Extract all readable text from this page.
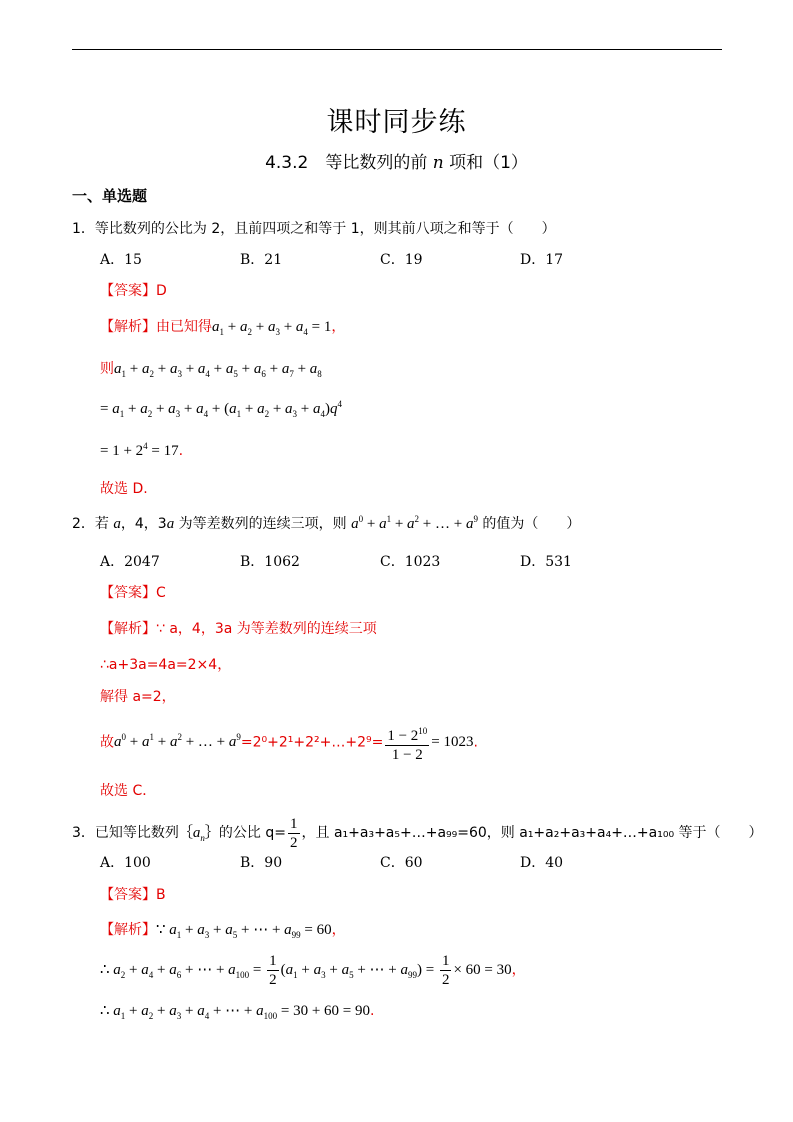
课时同步练
4.3.2　等比数列的前 n 项和（1）
一、单选题
1．等比数列的公比为 2，且前四项之和等于 1，则其前八项之和等于（　　）
A．15	B．21	C．19	D．17
【答案】D
【解析】由已知得$a_1 + a_2 + a_3 + a_4 = 1$，
则$a_1 + a_2 + a_3 + a_4 + a_5 + a_6 + a_7 + a_8$
= $a_1 + a_2 + a_3 + a_4 + (a_1 + a_2 + a_3 + a_4)q^4$
= $1 + 2^4 = 17$.
故选 D.
2．若 a，4，3a 为等差数列的连续三项，则 $a^0 + a^1 + a^2$ + … + $a^9$ 的值为（　　）
A．2047	B．1062	C．1023	D．531
【答案】C
【解析】∵ a，4，3a 为等差数列的连续三项
∴a+3a=4a=2×4，
解得 a=2，
故$a^0 + a^1 + a^2$ + … + $a^9=2^0+2^1+2^2+\dots+2^9= \frac{1 - 2^{10}}{1 - 2} = 1023$.
故选 C．
3．已知等比数列$\{a_n\}$的公比 $q= \frac{1}{2}$ ，且 a₁+a₃+a₅+…+a₉₉=60，则 a₁+a₂+a₃+a₄+…+a₁₀₀ 等于（　　）
A．100	B．90	C．60	D．40
【答案】B
【解析】∵ $a_1 + a_3 + a_5$ + ⋯ + $a_{99} = 60$，
∴ $a_2 + a_4 + a_6$ + ⋯ + $a_{100} = \frac{1}{2} (a_1 + a_3 + a_5$ + ⋯ + $a_{99}) = \frac{1}{2} \times 60 = 30$，
∴ $a_1 + a_2 + a_3 + a_4$ + ⋯ + $a_{100} = 30 + 60 = 90$.
